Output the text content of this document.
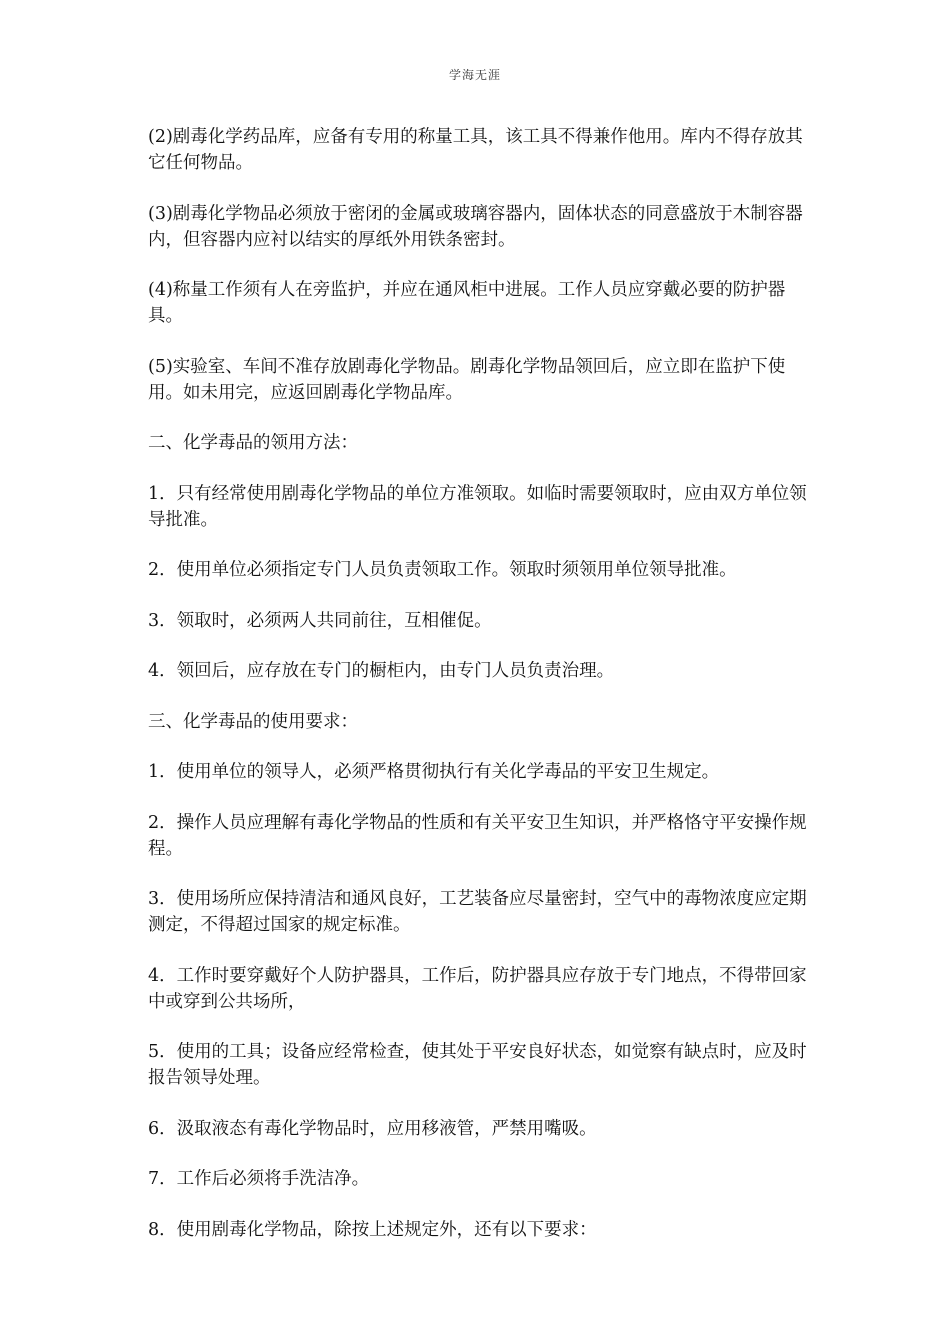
学海无涯

(2)剧毒化学药品库，应备有专用的称量工具，该工具不得兼作他用。库内不得存放其它任何物品。

(3)剧毒化学物品必须放于密闭的金属或玻璃容器内，固体状态的同意盛放于木制容器内，但容器内应衬以结实的厚纸外用铁条密封。

(4)称量工作须有人在旁监护，并应在通风柜中进展。工作人员应穿戴必要的防护器具。

(5)实验室、车间不准存放剧毒化学物品。剧毒化学物品领回后，应立即在监护下使用。如未用完，应返回剧毒化学物品库。

二、化学毒品的领用方法：

1．只有经常使用剧毒化学物品的单位方准领取。如临时需要领取时，应由双方单位领导批准。

2．使用单位必须指定专门人员负责领取工作。领取时须领用单位领导批准。

3．领取时，必须两人共同前往，互相催促。

4．领回后，应存放在专门的橱柜内，由专门人员负责治理。

三、化学毒品的使用要求：

1．使用单位的领导人，必须严格贯彻执行有关化学毒品的平安卫生规定。

2．操作人员应理解有毒化学物品的性质和有关平安卫生知识，并严格恪守平安操作规程。

3．使用场所应保持清洁和通风良好，工艺装备应尽量密封，空气中的毒物浓度应定期测定，不得超过国家的规定标准。

4．工作时要穿戴好个人防护器具，工作后，防护器具应存放于专门地点，不得带回家中或穿到公共场所，

5．使用的工具；设备应经常检查，使其处于平安良好状态，如觉察有缺点时，应及时报告领导处理。

6．汲取液态有毒化学物品时，应用移液管，严禁用嘴吸。

7．工作后必须将手洗洁净。

8．使用剧毒化学物品，除按上述规定外，还有以下要求：
